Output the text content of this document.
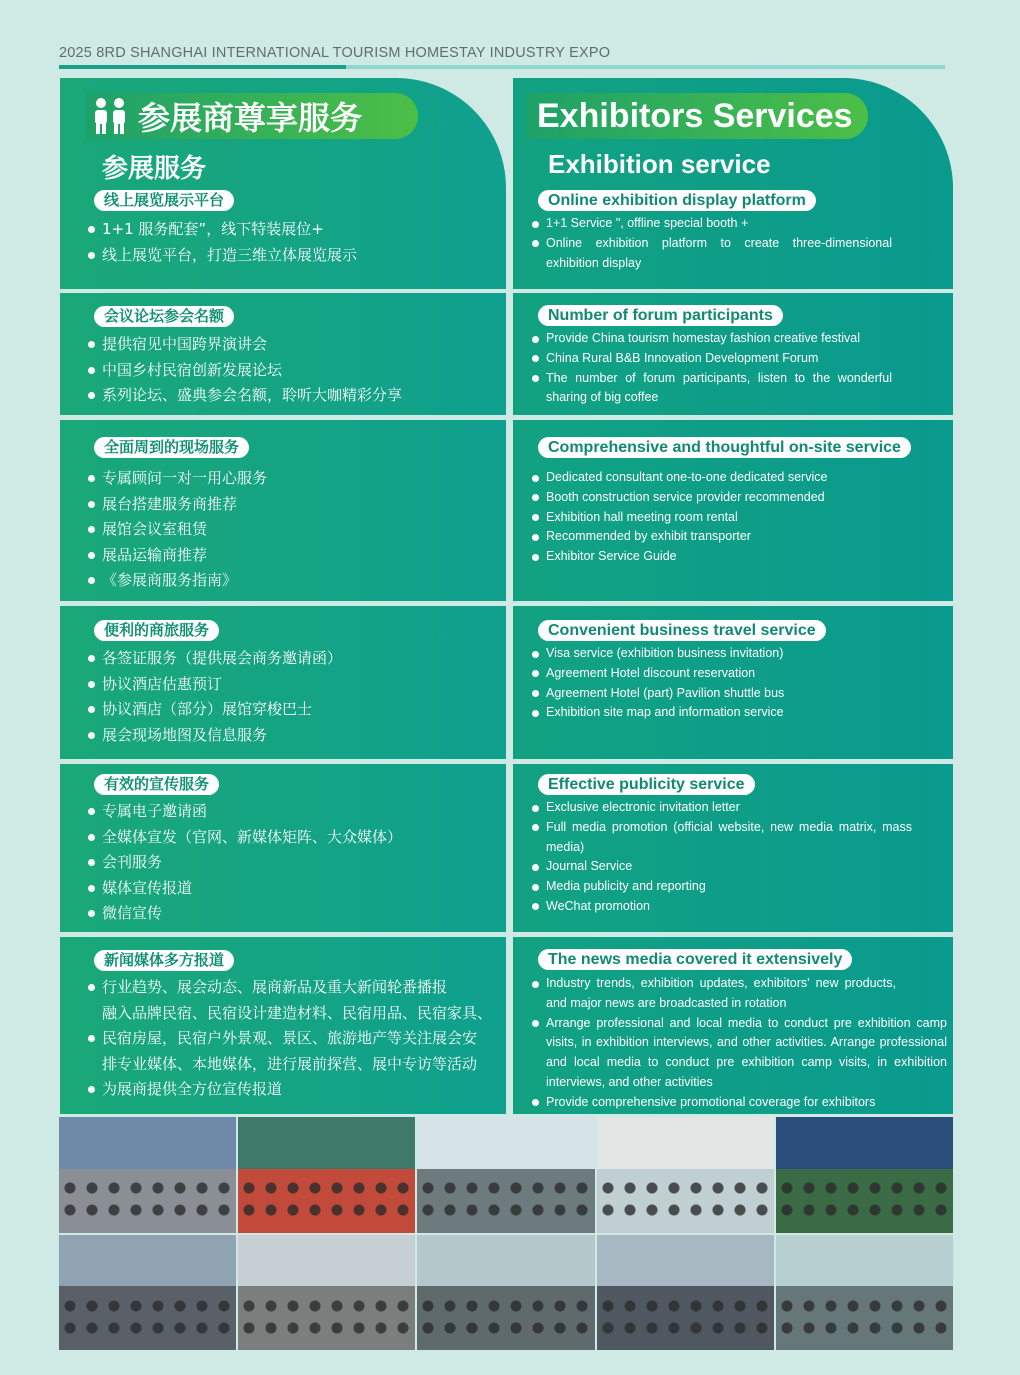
2025 8RD SHANGHAI INTERNATIONAL TOURISM HOMESTAY INDUSTRY EXPO
参展商尊享服务
参展服务
线上展览展示平台
1+1 服务配套”，线下特装展位+
线上展览平台，打造三维立体展览展示
Exhibitors Services
Exhibition service
Online exhibition display platform
1+1 Service ", offline special booth +
Online exhibition platform to create three-dimensional exhibition display
会议论坛参会名额
提供宿见中国跨界演讲会
中国乡村民宿创新发展论坛
系列论坛、盛典参会名额，聆听大咖精彩分享
Number of forum participants
Provide China tourism homestay fashion creative festival
China Rural B&B Innovation Development Forum
The number of forum participants, listen to the wonderful sharing of big coffee
全面周到的现场服务
专属顾问一对一用心服务
展台搭建服务商推荐
展馆会议室租赁
展品运输商推荐
《参展商服务指南》
Comprehensive and thoughtful on-site service
Dedicated consultant one-to-one dedicated service
Booth construction service provider recommended
Exhibition hall meeting room rental
Recommended by exhibit transporter
Exhibitor Service Guide
便利的商旅服务
各签证服务（提供展会商务邀请函）
协议酒店估惠预订
协议酒店（部分）展馆穿梭巴士
展会现场地图及信息服务
Convenient business travel service
Visa service (exhibition business invitation)
Agreement Hotel discount reservation
Agreement Hotel (part) Pavilion shuttle bus
Exhibition site map and information service
有效的宣传服务
专属电子邀请函
全媒体宣发（官网、新媒体矩阵、大众媒体）
会刊服务
媒体宣传报道
微信宣传
Effective publicity service
Exclusive electronic invitation letter
Full media promotion (official website, new media matrix, mass media)
Journal Service
Media publicity and reporting
WeChat promotion
新闻媒体多方报道
行业趋势、展会动态、展商新品及重大新闻轮番播报
融入品牌民宿、民宿设计建造材料、民宿用品、民宿家具、
民宿房屋，民宿户外景观、景区、旅游地产等关注展会安
排专业媒体、本地媒体，进行展前探营、展中专访等活动
为展商提供全方位宣传报道
The news media covered it extensively
Industry trends, exhibition updates, exhibitors' new products, and major news are broadcasted in rotation
Arrange professional and local media to conduct pre exhibition camp visits, in exhibition interviews, and other activities. Arrange professional and local media to conduct pre exhibition camp visits, in exhibition interviews, and other activities
Provide comprehensive promotional coverage for exhibitors
